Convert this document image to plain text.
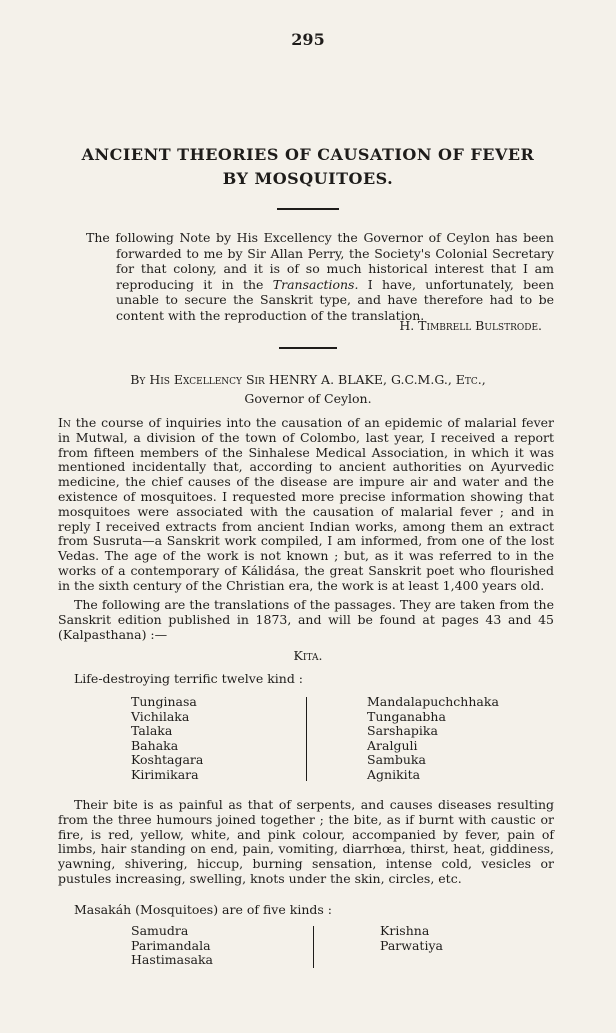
295
ANCIENT THEORIES OF CAUSATION OF FEVER
BY MOSQUITOES.
The following Note by His Excellency the Governor of Ceylon has been forwarded to me by Sir Allan Perry, the Society's Colonial Secretary for that colony, and it is of so much historical interest that I am reproducing it in the Transactions. I have, unfortunately, been unable to secure the Sanskrit type, and have therefore had to be content with the reproduction of the translation.
H. Timbrell Bulstrode.
By His Excellency Sir HENRY A. BLAKE, G.C.M.G., Etc.,
Governor of Ceylon.
In the course of inquiries into the causation of an epidemic of malarial fever in Mutwal, a division of the town of Colombo, last year, I received a report from fifteen members of the Sinhalese Medical Association, in which it was mentioned incidentally that, according to ancient authorities on Ayurvedic medicine, the chief causes of the disease are impure air and water and the existence of mosquitoes. I requested more precise information showing that mosquitoes were associated with the causation of malarial fever ; and in reply I received extracts from ancient Indian works, among them an extract from Susruta—a Sanskrit work compiled, I am informed, from one of the lost Vedas. The age of the work is not known ; but, as it was referred to in the works of a contemporary of Kálidása, the great Sanskrit poet who flourished in the sixth century of the Christian era, the work is at least 1,400 years old.
The following are the translations of the passages. They are taken from the Sanskrit edition published in 1873, and will be found at pages 43 and 45 (Kalpasthana) :—
Kita.
Life-destroying terrific twelve kind :
Tunginasa
Vichilaka
Talaka
Bahaka
Koshtagara
Kirimikara
Mandalapuchchhaka
Tunganabha
Sarshapika
Aralguli
Sambuka
Agnikita
Their bite is as painful as that of serpents, and causes diseases resulting from the three humours joined together ; the bite, as if burnt with caustic or fire, is red, yellow, white, and pink colour, accompanied by fever, pain of limbs, hair standing on end, pain, vomiting, diarrhœa, thirst, heat, giddiness, yawning, shivering, hiccup, burning sensation, intense cold, vesicles or pustules increasing, swelling, knots under the skin, circles, etc.
Masakáh (Mosquitoes) are of five kinds :
Samudra
Parimandala
Hastimasaka
Krishna
Parwatiya
